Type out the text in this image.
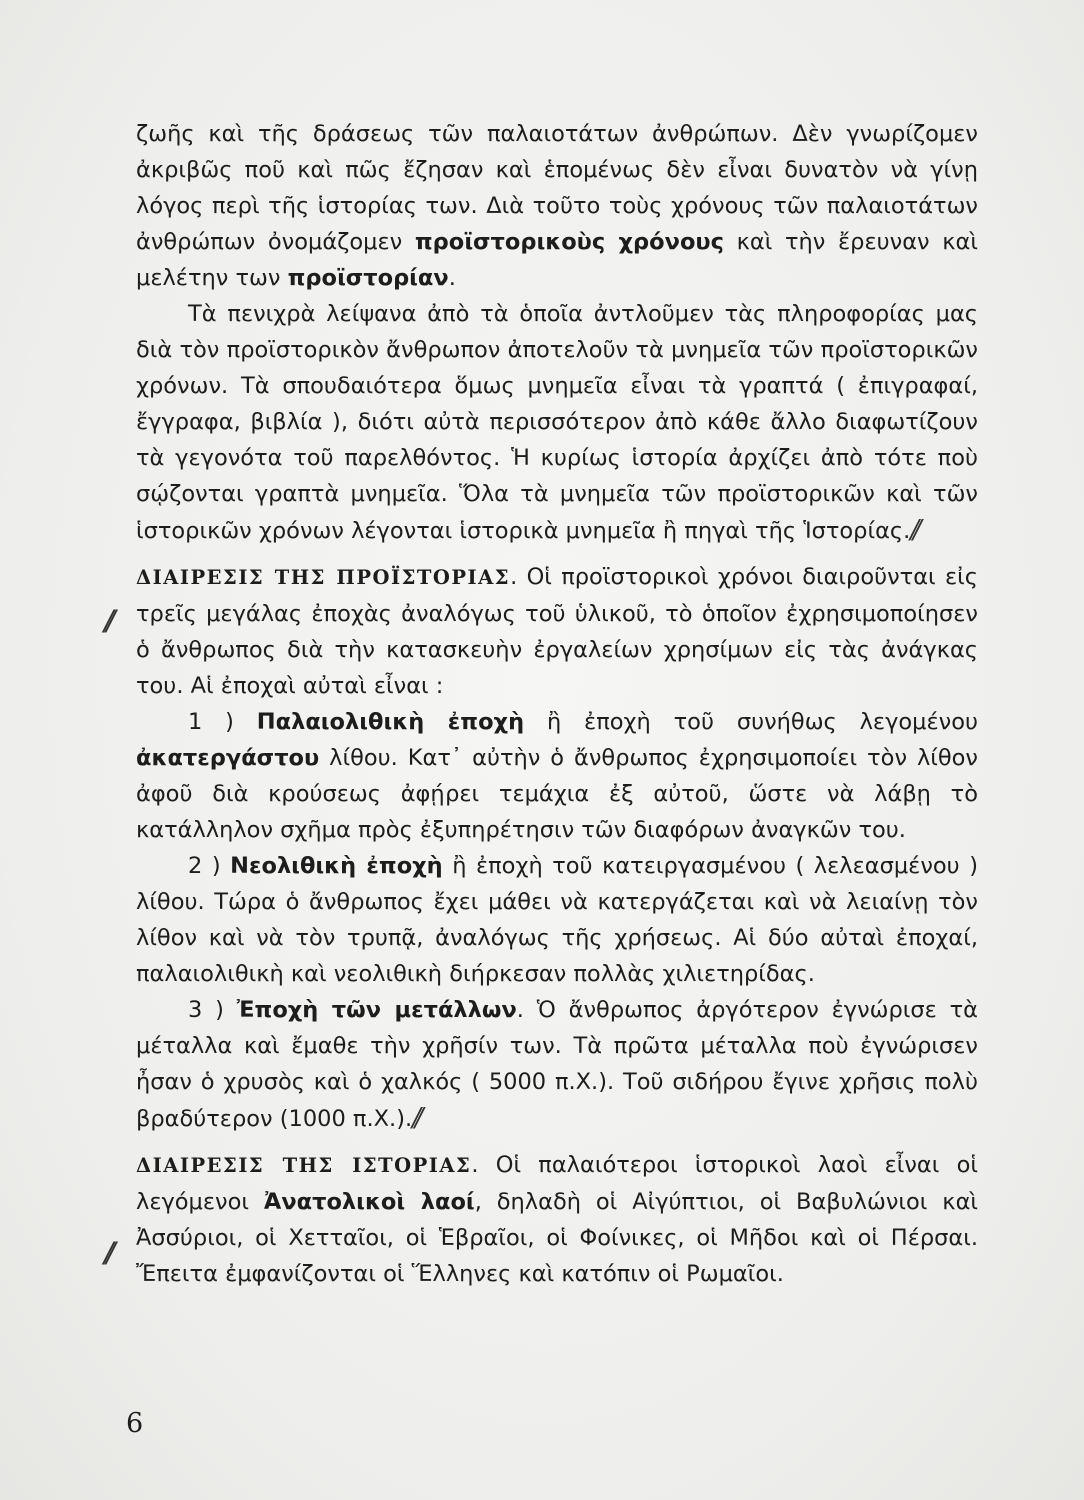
ζωῆς καὶ τῆς δράσεως τῶν παλαιοτάτων ἀνθρώπων. Δὲν γνωρίζομεν ἀκριβῶς ποῦ καὶ πῶς ἔζησαν καὶ ἑπομένως δὲν εἶναι δυνατὸν νὰ γίνῃ λόγος περὶ τῆς ἱστορίας των. Διὰ τοῦτο τοὺς χρόνους τῶν παλαιοτάτων ἀνθρώπων ὀνομάζομεν προϊστορικοὺς χρόνους καὶ τὴν ἔρευναν καὶ μελέτην των προϊστορίαν.

Τὰ πενιχρὰ λείψανα ἀπὸ τὰ ὁποῖα ἀντλοῦμεν τὰς πληροφορίας μας διὰ τὸν προϊστορικὸν ἄνθρωπον ἀποτελοῦν τὰ μνημεῖα τῶν προϊστορικῶν χρόνων. Τὰ σπουδαιότερα ὅμως μνημεῖα εἶναι τὰ γραπτά ( ἐπιγραφαί, ἔγγραφα, βιβλία ), διότι αὐτὰ περισσότερον ἀπὸ κάθε ἄλλο διαφωτίζουν τὰ γεγονότα τοῦ παρελθόντος. Ἡ κυρίως ἱστορία ἀρχίζει ἀπὸ τότε ποὺ σῴζονται γραπτὰ μνημεῖα. Ὅλα τὰ μνημεῖα τῶν προϊστορικῶν καὶ τῶν ἱστορικῶν χρόνων λέγονται ἱστορικὰ μνημεῖα ἢ πηγαὶ τῆς Ἱστορίας.//

ΔΙΑΙΡΕΣΙΣ ΤΗΣ ΠΡΟΪΣΤΟΡΙΑΣ. Οἱ προϊστορικοὶ χρόνοι διαιροῦνται εἰς τρεῖς μεγάλας ἐποχὰς ἀναλόγως τοῦ ὑλικοῦ, τὸ ὁποῖον ἐχρησιμοποίησεν ὁ ἄνθρωπος διὰ τὴν κατασκευὴν ἐργαλείων χρησίμων εἰς τὰς ἀνάγκας του. Αἱ ἐποχαὶ αὐταὶ εἶναι :

1 ) Παλαιολιθικὴ ἐποχὴ ἢ ἐποχὴ τοῦ συνήθως λεγομένου ἀκατεργάστου λίθου. Κατ᾿ αὐτὴν ὁ ἄνθρωπος ἐχρησιμοποίει τὸν λίθον ἀφοῦ διὰ κρούσεως ἀφῄρει τεμάχια ἐξ αὐτοῦ, ὥστε νὰ λάβῃ τὸ κατάλληλον σχῆμα πρὸς ἐξυπηρέτησιν τῶν διαφόρων ἀναγκῶν του.

2 ) Νεολιθικὴ ἐποχὴ ἢ ἐποχὴ τοῦ κατειργασμένου ( λελεασμένου ) λίθου. Τώρα ὁ ἄνθρωπος ἔχει μάθει νὰ κατεργάζεται καὶ νὰ λειαίνῃ τὸν λίθον καὶ νὰ τὸν τρυπᾷ, ἀναλόγως τῆς χρήσεως. Αἱ δύο αὐταὶ ἐποχαί, παλαιολιθικὴ καὶ νεολιθικὴ διήρκεσαν πολλὰς χιλιετηρίδας.

3 ) Ἐποχὴ τῶν μετάλλων. Ὁ ἄνθρωπος ἀργότερον ἐγνώρισε τὰ μέταλλα καὶ ἔμαθε τὴν χρῆσίν των. Τὰ πρῶτα μέταλλα ποὺ ἐγνώρισεν ἦσαν ὁ χρυσὸς καὶ ὁ χαλκός ( 5000 π.Χ.). Τοῦ σιδήρου ἔγινε χρῆσις πολὺ βραδύτερον (1000 π.Χ.).//

ΔΙΑΙΡΕΣΙΣ ΤΗΣ ΙΣΤΟΡΙΑΣ. Οἱ παλαιότεροι ἱστορικοὶ λαοὶ εἶναι οἱ λεγόμενοι Ἀνατολικοὶ λαοί, δηλαδὴ οἱ Αἰγύπτιοι, οἱ Βαβυλώνιοι καὶ Ἀσσύριοι, οἱ Χετταῖοι, οἱ Ἑβραῖοι, οἱ Φοίνικες, οἱ Μῆδοι καὶ οἱ Πέρσαι. Ἔπειτα ἐμφανίζονται οἱ Ἕλληνες καὶ κατόπιν οἱ Ρωμαῖοι.

//
//
6
